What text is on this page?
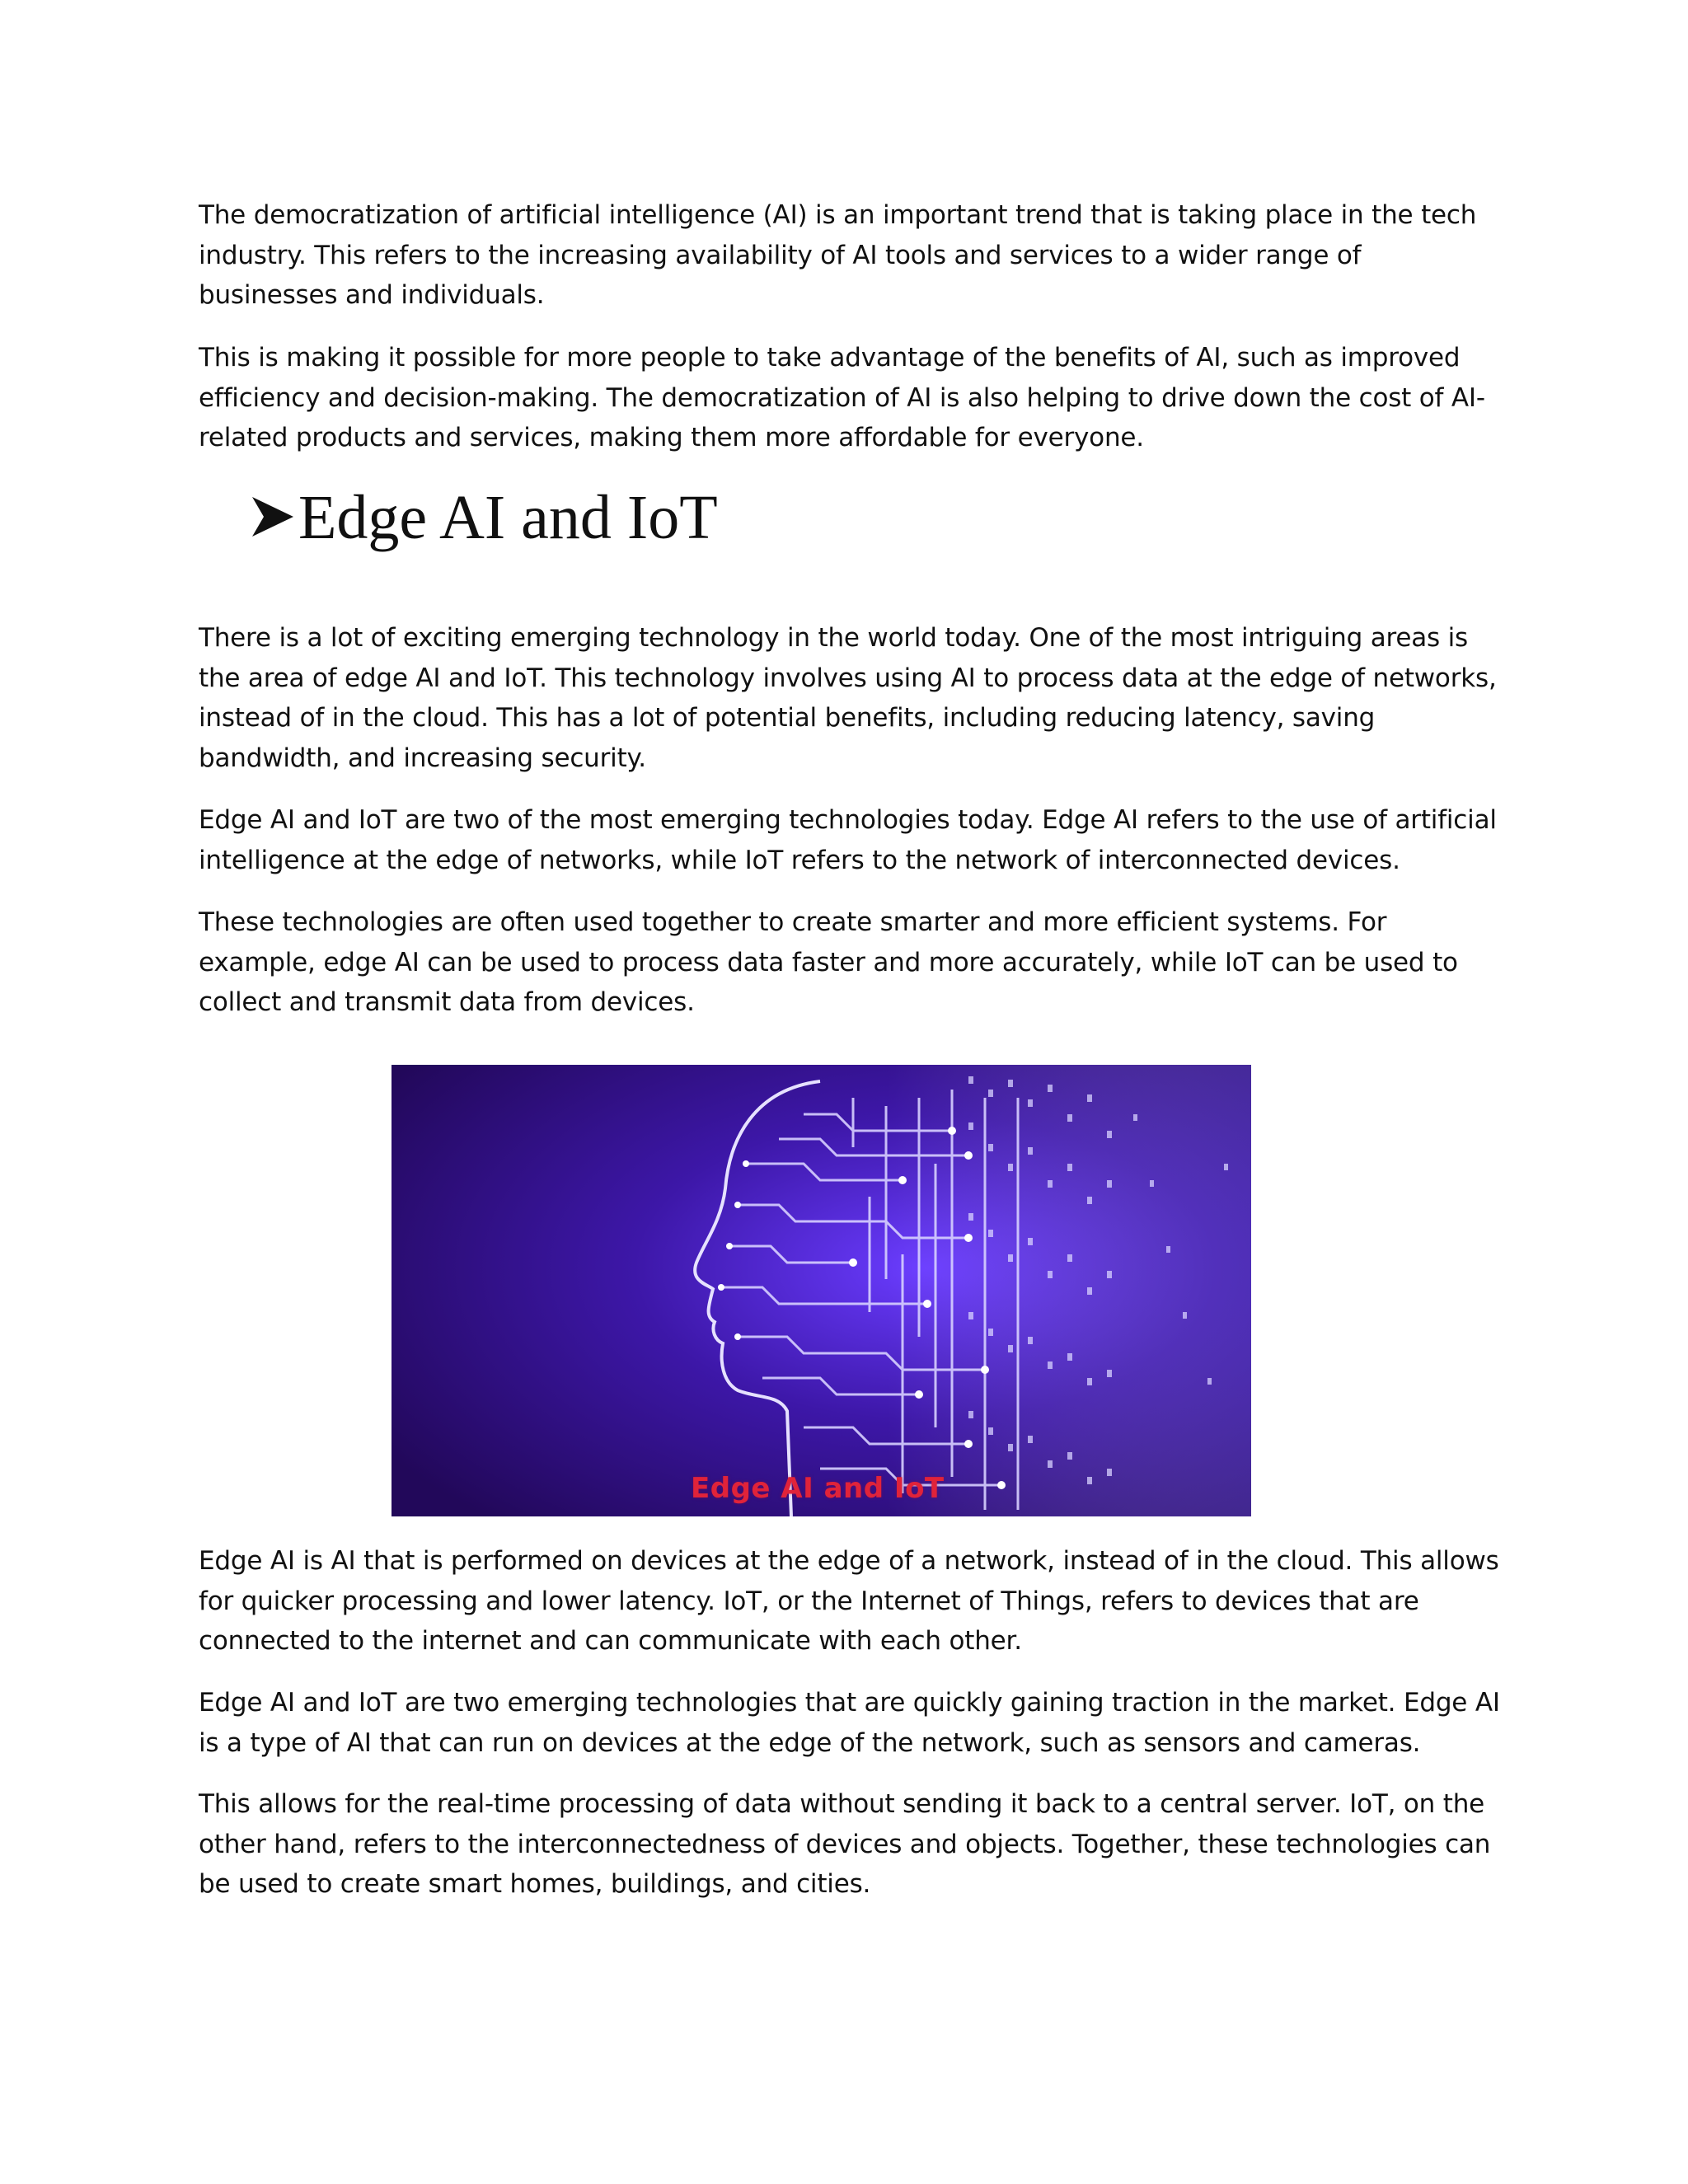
The democratization of artificial intelligence (AI) is an important trend that is taking place in the tech industry. This refers to the increasing availability of AI tools and services to a wider range of businesses and individuals.

This is making it possible for more people to take advantage of the benefits of AI, such as improved efficiency and decision-making. The democratization of AI is also helping to drive down the cost of AI-related products and services, making them more affordable for everyone.

Edge AI and IoT

There is a lot of exciting emerging technology in the world today. One of the most intriguing areas is the area of edge AI and IoT. This technology involves using AI to process data at the edge of networks, instead of in the cloud. This has a lot of potential benefits, including reducing latency, saving bandwidth, and increasing security.

Edge AI and IoT are two of the most emerging technologies today. Edge AI refers to the use of artificial intelligence at the edge of networks, while IoT refers to the network of interconnected devices.

These technologies are often used together to create smarter and more efficient systems. For example, edge AI can be used to process data faster and more accurately, while IoT can be used to collect and transmit data from devices.

Edge AI and IoT

Edge AI is AI that is performed on devices at the edge of a network, instead of in the cloud. This allows for quicker processing and lower latency. IoT, or the Internet of Things, refers to devices that are connected to the internet and can communicate with each other.

Edge AI and IoT are two emerging technologies that are quickly gaining traction in the market. Edge AI is a type of AI that can run on devices at the edge of the network, such as sensors and cameras.

This allows for the real-time processing of data without sending it back to a central server. IoT, on the other hand, refers to the interconnectedness of devices and objects. Together, these technologies can be used to create smart homes, buildings, and cities.
